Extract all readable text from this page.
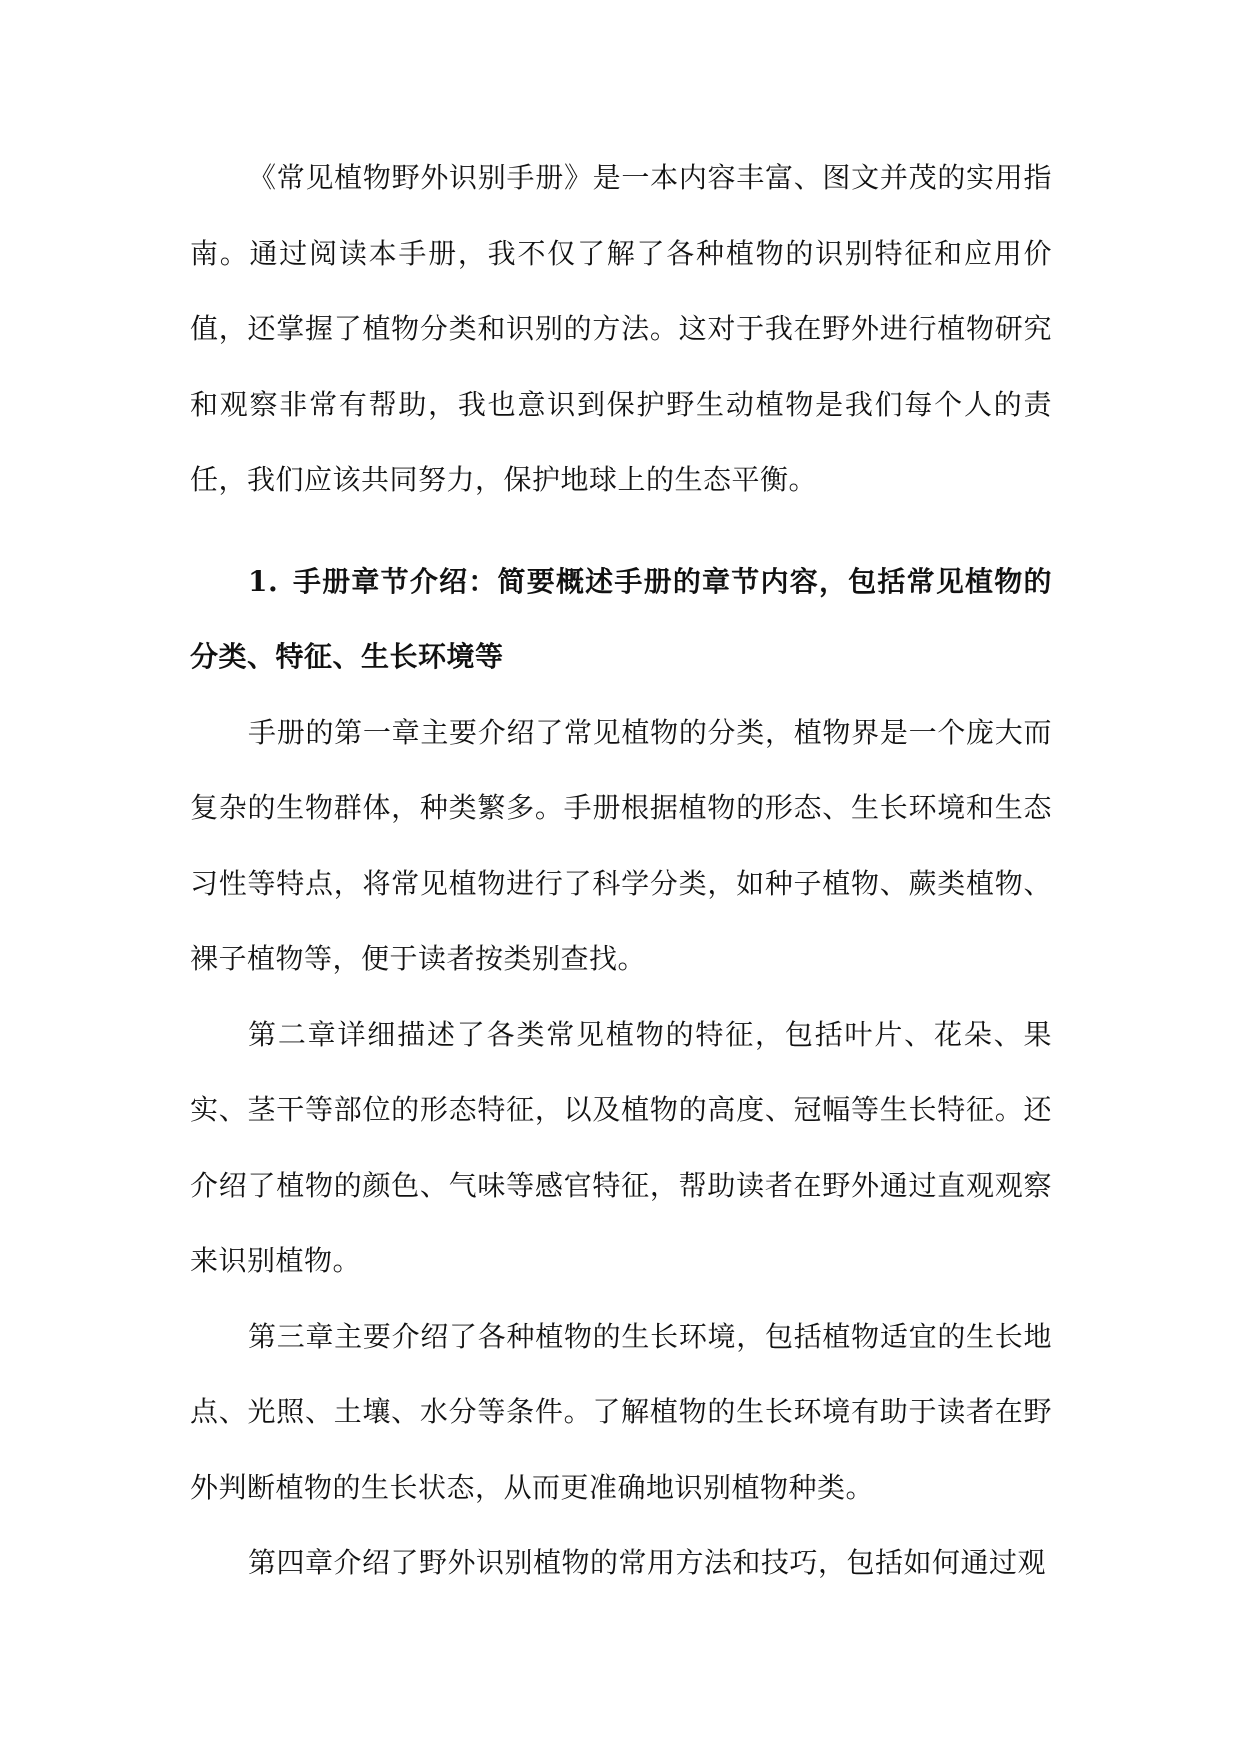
《常见植物野外识别手册》是一本内容丰富、图文并茂的实用指南。通过阅读本手册，我不仅了解了各种植物的识别特征和应用价值，还掌握了植物分类和识别的方法。这对于我在野外进行植物研究和观察非常有帮助，我也意识到保护野生动植物是我们每个人的责任，我们应该共同努力，保护地球上的生态平衡。

1. 手册章节介绍：简要概述手册的章节内容，包括常见植物的分类、特征、生长环境等

手册的第一章主要介绍了常见植物的分类，植物界是一个庞大而复杂的生物群体，种类繁多。手册根据植物的形态、生长环境和生态习性等特点，将常见植物进行了科学分类，如种子植物、蕨类植物、裸子植物等，便于读者按类别查找。

第二章详细描述了各类常见植物的特征，包括叶片、花朵、果实、茎干等部位的形态特征，以及植物的高度、冠幅等生长特征。还介绍了植物的颜色、气味等感官特征，帮助读者在野外通过直观观察来识别植物。

第三章主要介绍了各种植物的生长环境，包括植物适宜的生长地点、光照、土壤、水分等条件。了解植物的生长环境有助于读者在野外判断植物的生长状态，从而更准确地识别植物种类。

第四章介绍了野外识别植物的常用方法和技巧，包括如何通过观
